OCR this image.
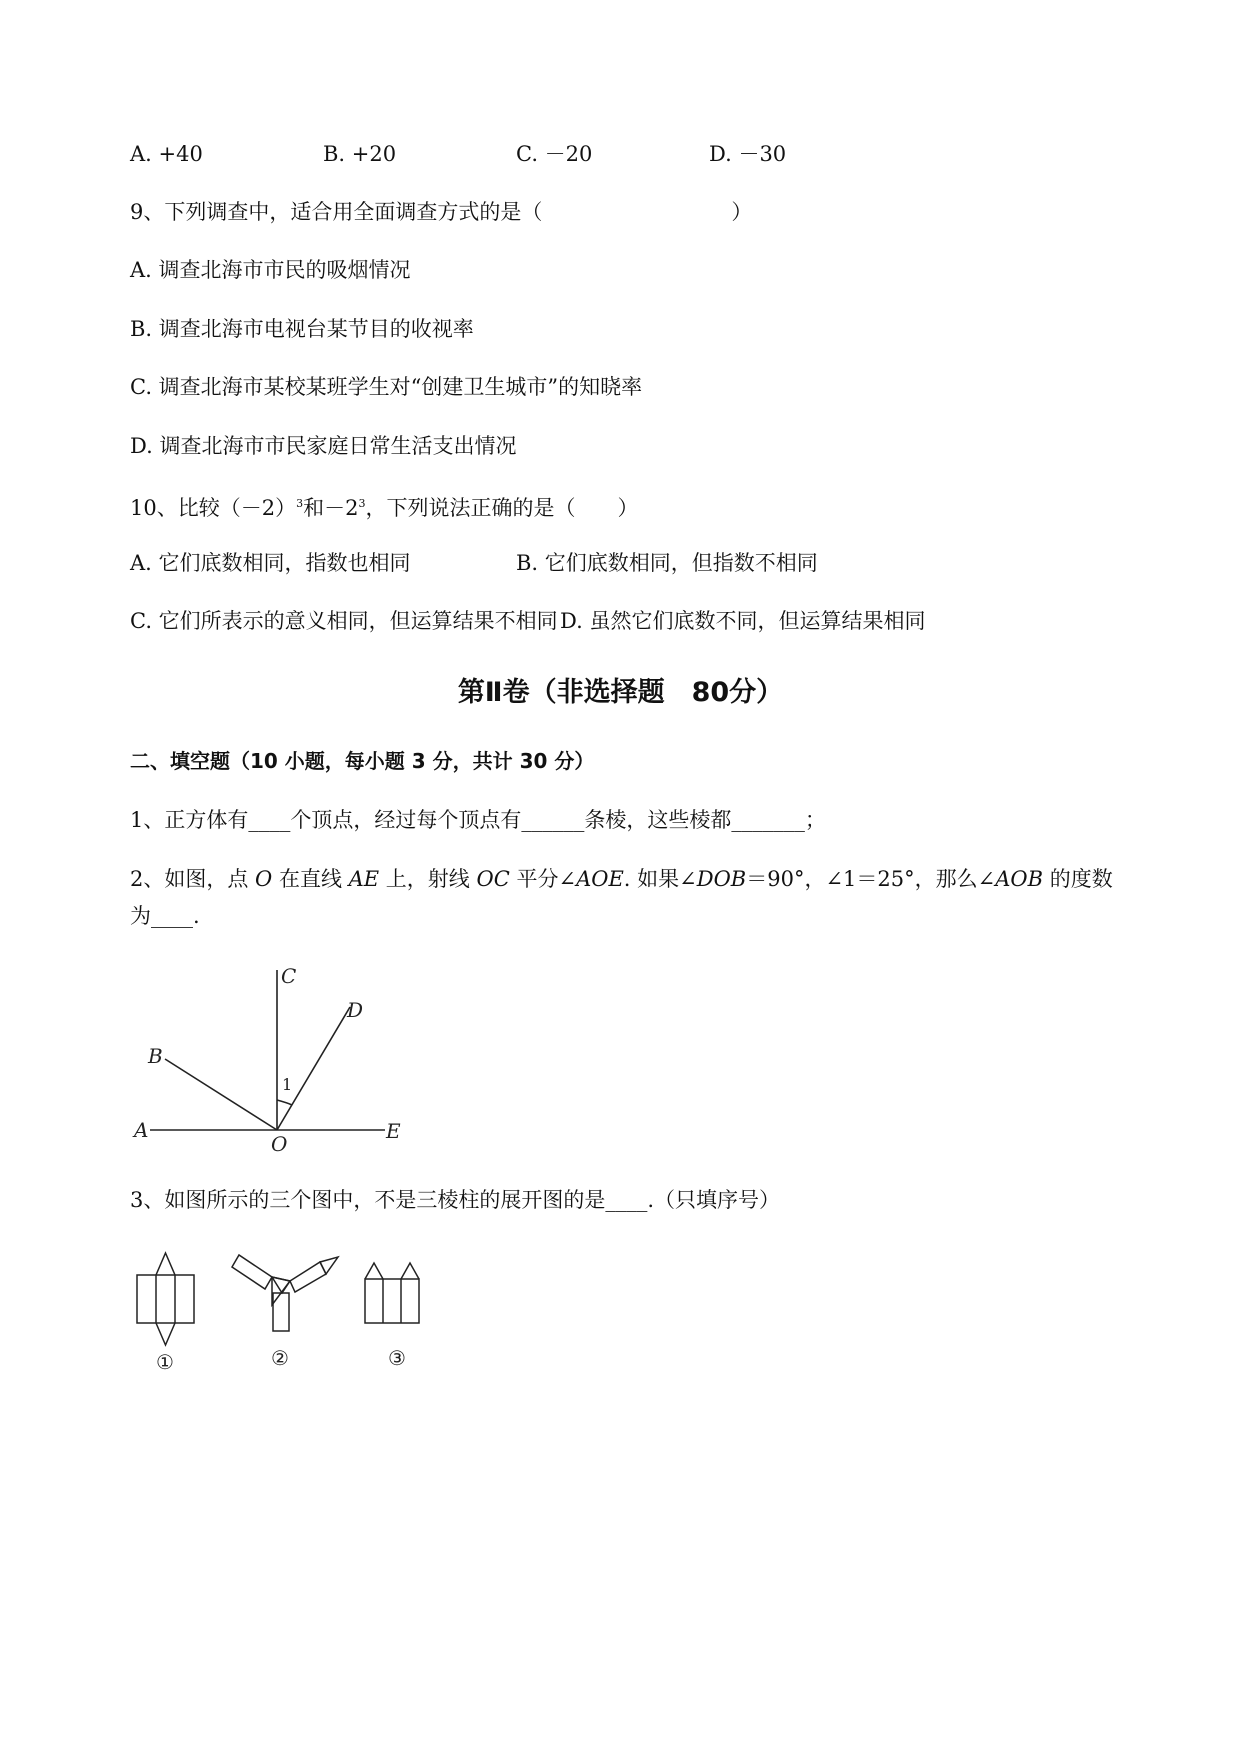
A. +40	B. +20	C. －20	D. －30
9、下列调查中，适合用全面调查方式的是（　　　　　　　　　）
A. 调查北海市市民的吸烟情况
B. 调查北海市电视台某节目的收视率
C. 调查北海市某校某班学生对“创建卫生城市”的知晓率
D. 调查北海市市民家庭日常生活支出情况
10、比较$(-2)^3$和$-2^3$，下列说法正确的是（　　）
A. 它们底数相同，指数也相同	B. 它们底数相同，但指数不相同
C. 它们所表示的意义相同，但运算结果不相同 D. 虽然它们底数不同，但运算结果相同
第Ⅱ卷（非选择题　80分）
二、填空题（10 小题，每小题 3 分，共计 30 分）
1、正方体有____个顶点，经过每个顶点有______条棱，这些棱都_______；
2、如图，点 O 在直线 AE 上，射线 OC 平分∠AOE. 如果∠DOB＝90°，∠1＝25°，那么∠AOB 的度数
为____.
A
B
C
D
E
O
1
3、如图所示的三个图中，不是三棱柱的展开图的是____.（只填序号）
①	②	③
